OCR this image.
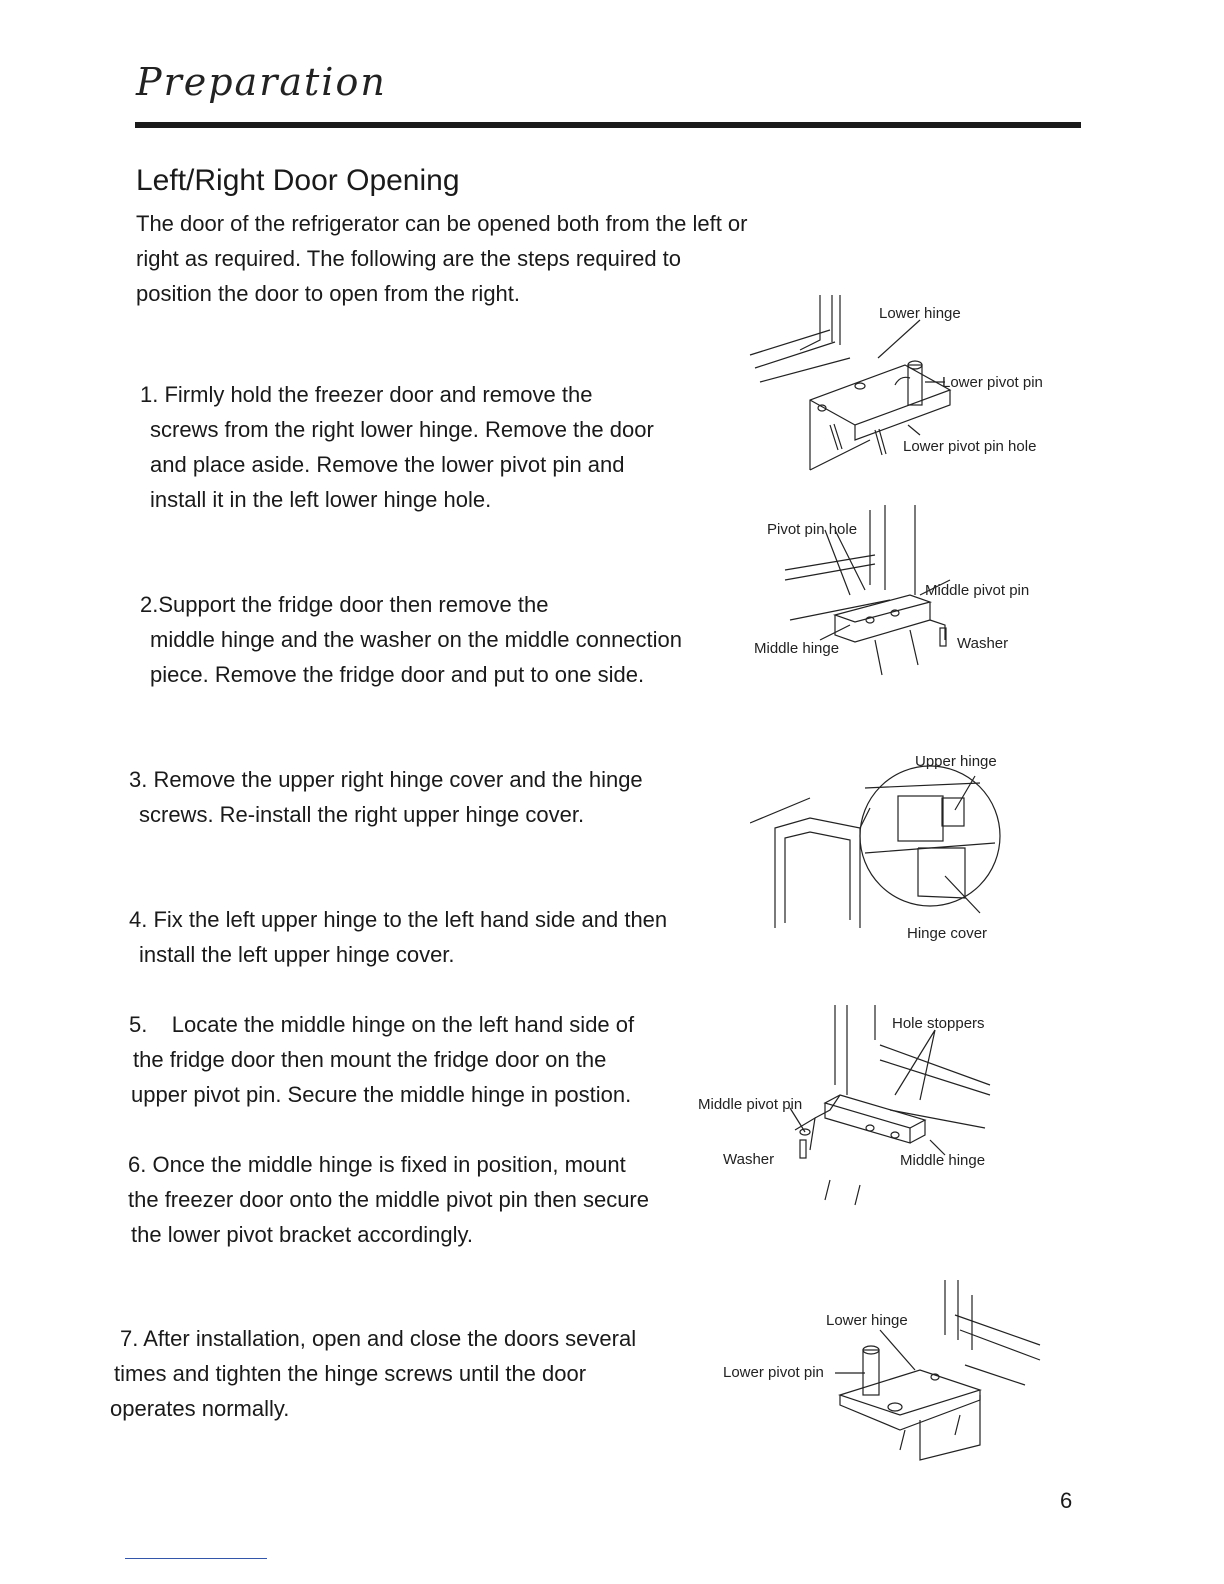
Preparation
Left/Right Door Opening
The door of the refrigerator can be opened both from the left or
right as required. The following are the steps required to
position the door to open from the right.

1. Firmly hold the freezer door and remove the

screws from the right lower hinge. Remove the door

and place aside. Remove the lower pivot pin and

install it in the left lower hinge hole.

2.Support the fridge door then remove the

middle hinge and the washer on the middle connection

piece. Remove the fridge door and put to one side.

3. Remove the upper right hinge cover and the hinge

screws. Re-install the right upper hinge cover.

4. Fix the left upper hinge to the left hand side and then

install the left upper hinge cover.

5.    Locate the middle hinge on the left hand side of

the fridge door then mount the fridge door on the

upper pivot pin. Secure the middle hinge in postion.

6. Once the middle hinge is fixed in position, mount

the freezer door onto the middle pivot pin then secure

the lower pivot bracket accordingly.

7. After installation, open and close the doors several

times and tighten the hinge screws until the door

operates normally.

Lower hinge
Lower pivot pin
Lower pivot pin hole
Pivot pin hole
Middle pivot pin
Middle hinge	Washer
Upper hinge
Hinge cover
Hole stoppers
Middle pivot pin
Washer	Middle hinge
Lower hinge
Lower pivot pin
6
